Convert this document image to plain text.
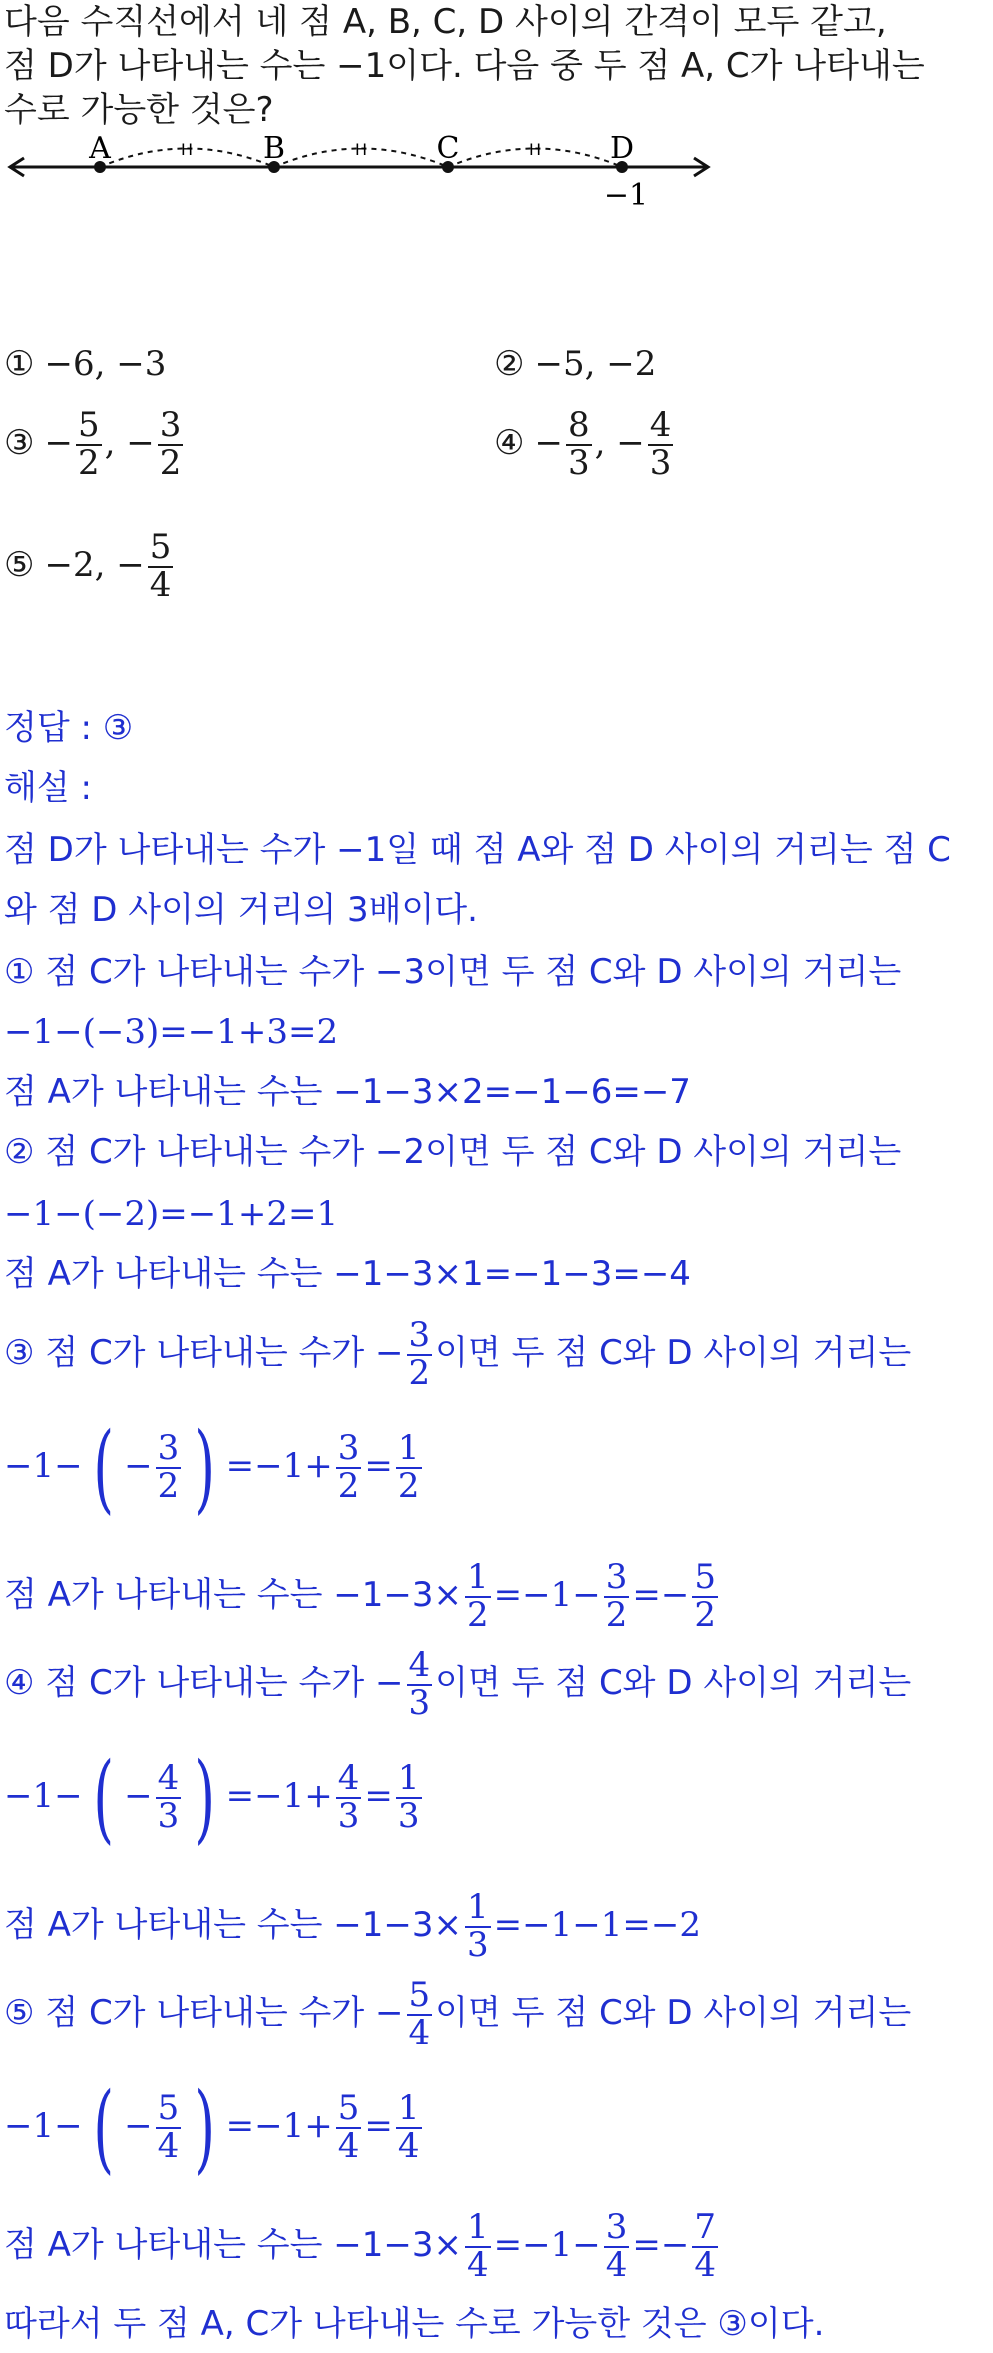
다음 수직선에서 네 점 A, B, C, D 사이의 간격이 모두 같고,
점 D가 나타내는 수는 −1이다. 다음 중 두 점 A, C가 나타내는
수로 가능한 것은?
H	H	H
A	B	C	D
−1
① −6, −3	② −5, −2
③ − $\frac{5}{2}$ , − $\frac{3}{2}$	④ − $\frac{8}{3}$ , − $\frac{4}{3}$
⑤ −2, − $\frac{5}{4}$
정답 : ③
해설 :
점 D가 나타내는 수가 −1일 때 점 A와 점 D 사이의 거리는 점 C
와 점 D 사이의 거리의 3배이다.
① 점 C가 나타내는 수가 −3이면 두 점 C와 D 사이의 거리는
−1−(−3)=−1+3=2
점 A가 나타내는 수는 −1−3×2=−1−6=−7
② 점 C가 나타내는 수가 −2이면 두 점 C와 D 사이의 거리는
−1−(−2)=−1+2=1
점 A가 나타내는 수는 −1−3×1=−1−3=−4
③ 점 C가 나타내는 수가 − $\frac{3}{2}$ 이면 두 점 C와 D 사이의 거리는
−1− ( − $\frac{3}{2}$ ) $=-1+ \frac{3}{2} = \frac{1}{2}$
점 A가 나타내는 수는 $-1-3\times \frac{1}{2} =-1- \frac{3}{2} =- \frac{5}{2}$
④ 점 C가 나타내는 수가 − $\frac{4}{3}$ 이면 두 점 C와 D 사이의 거리는
−1− ( − $\frac{4}{3}$ ) $=-1+ \frac{4}{3} = \frac{1}{3}$
점 A가 나타내는 수는 $-1-3\times \frac{1}{3} =-1-1=-2$
⑤ 점 C가 나타내는 수가 − $\frac{5}{4}$ 이면 두 점 C와 D 사이의 거리는
−1− ( − $\frac{5}{4}$ ) $=-1+ \frac{5}{4} = \frac{1}{4}$
점 A가 나타내는 수는 $-1-3\times \frac{1}{4} =-1- \frac{3}{4} =- \frac{7}{4}$
따라서 두 점 A, C가 나타내는 수로 가능한 것은 ③이다.
